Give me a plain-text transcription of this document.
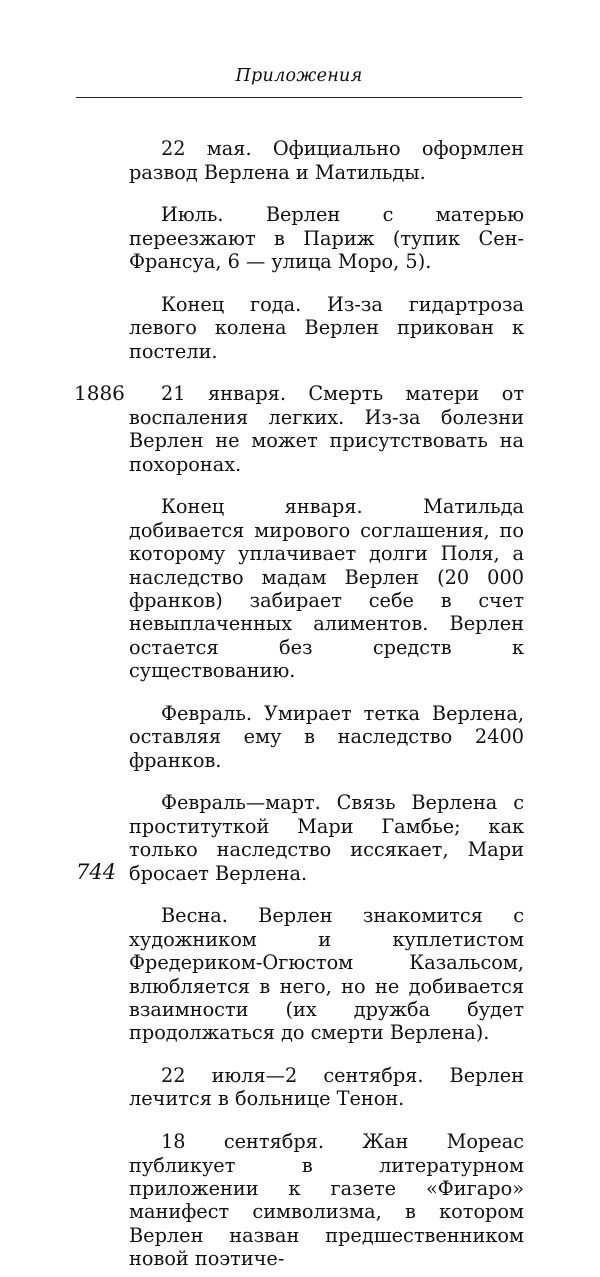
Приложения

22 мая. Официально оформлен развод Верлена и Матильды.

Июль. Верлен с матерью переезжают в Париж (тупик Сен-Франсуа, 6 — улица Моро, 5).

Конец года. Из-за гидартроза левого колена Верлен прикован к постели.

1886	21 января. Смерть матери от воспаления легких. Из-за болезни Верлен не может присутствовать на похоронах.

Конец января. Матильда добивается мирового соглашения, по которому уплачивает долги Поля, а наследство мадам Верлен (20 000 франков) забирает себе в счет невыплаченных алиментов. Верлен остается без средств к существованию.

Февраль. Умирает тетка Верлена, оставляя ему в наследство 2400 франков.

Февраль—март. Связь Верлена с проституткой Мари Гамбье; как только наследство иссякает, Мари бросает Верлена.

Весна. Верлен знакомится с художником и куплетистом Фредериком-Огюстом Казальсом, влюбляется в него, но не добивается взаимности (их дружба будет продолжаться до смерти Верлена).

22 июля—2 сентября. Верлен лечится в больнице Тенон.

18 сентября. Жан Мореас публикует в литературном приложении к газете «Фигаро» манифест символизма, в котором Верлен назван предшественником новой поэтиче-

744
